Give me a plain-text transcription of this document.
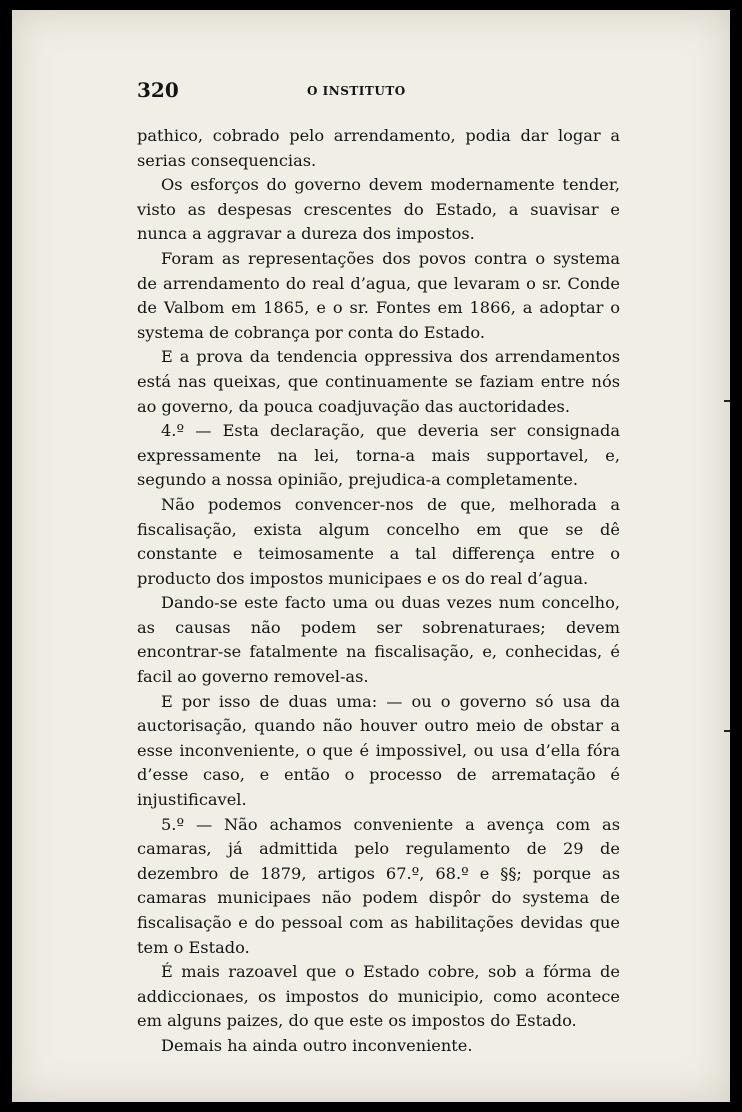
320	O INSTITUTO

pathico, cobrado pelo arrendamento, podia dar logar a serias consequencias.

Os esforços do governo devem modernamente tender, visto as despesas crescentes do Estado, a suavisar e nunca a aggravar a dureza dos impostos.

Foram as representações dos povos contra o systema de arrendamento do real d’agua, que levaram o sr. Conde de Valbom em 1865, e o sr. Fontes em 1866, a adoptar o systema de cobrança por conta do Estado.

E a prova da tendencia oppressiva dos arrendamentos está nas queixas, que continuamente se faziam entre nós ao governo, da pouca coadjuvação das auctoridades.

4.º — Esta declaração, que deveria ser consignada expressamente na lei, torna-a mais supportavel, e, segundo a nossa opinião, prejudica-a completamente.

Não podemos convencer-nos de que, melhorada a fiscalisação, exista algum concelho em que se dê constante e teimosamente a tal differença entre o producto dos impostos municipaes e os do real d’agua.

Dando-se este facto uma ou duas vezes num concelho, as causas não podem ser sobrenaturaes; devem encontrar-se fatalmente na fiscalisação, e, conhecidas, é facil ao governo removel-as.

E por isso de duas uma: — ou o governo só usa da auctorisação, quando não houver outro meio de obstar a esse inconveniente, o que é impossivel, ou usa d’ella fóra d’esse caso, e então o processo de arrematação é injustificavel.

5.º — Não achamos conveniente a avença com as camaras, já admittida pelo regulamento de 29 de dezembro de 1879, artigos 67.º, 68.º e §§; porque as camaras municipaes não podem dispôr do systema de fiscalisação e do pessoal com as habilitações devidas que tem o Estado.

É mais razoavel que o Estado cobre, sob a fórma de addiccionaes, os impostos do municipio, como acontece em alguns paizes, do que este os impostos do Estado.

Demais ha ainda outro inconveniente.
